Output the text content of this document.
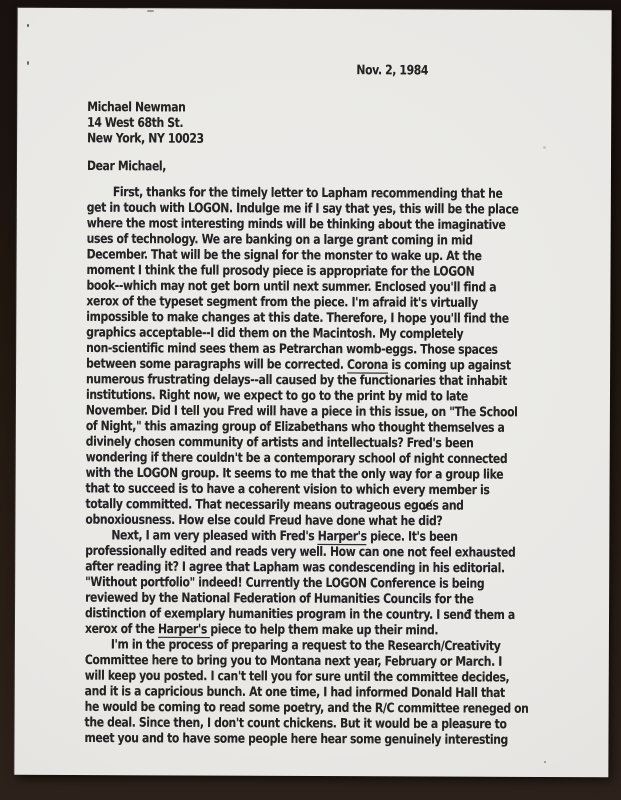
Nov. 2, 1984
Michael Newman
14 West 68th St.
New York, NY 10023
Dear Michael,
First, thanks for the timely letter to Lapham recommending that he
get in touch with LOGON. Indulge me if I say that yes, this will be the place
where the most interesting minds will be thinking about the imaginative
uses of technology. We are banking on a large grant coming in mid
December. That will be the signal for the monster to wake up. At the
moment I think the full prosody piece is appropriate for the LOGON
book--which may not get born until next summer. Enclosed you'll find a
xerox of the typeset segment from the piece. I'm afraid it's virtually
impossible to make changes at this date. Therefore, I hope you'll find the
graphics acceptable--I did them on the Macintosh. My completely
non-scientific mind sees them as Petrarchan womb-eggs. Those spaces
between some paragraphs will be corrected. Corona is coming up against
numerous frustrating delays--all caused by the functionaries that inhabit
institutions. Right now, we expect to go to the print by mid to late
November. Did I tell you Fred will have a piece in this issue, on "The School
of Night," this amazing group of Elizabethans who thought themselves a
divinely chosen community of artists and intellectuals? Fred's been
wondering if there couldn't be a contemporary school of night connected
with the LOGON group. It seems to me that the only way for a group like
that to succeed is to have a coherent vision to which every member is
totally committed. That necessarily means outrageous egoe̸s and
obnoxiousness. How else could Freud have done what he did?
Next, I am very pleased with Fred's Harper's piece. It's been
professionally edited and reads very well. How can one not feel exhausted
after reading it? I agree that Lapham was condescending in his editorial.
"Without portfolio" indeed! Currently the LOGON Conference is being
reviewed by the National Federation of Humanities Councils for the
distinction of exemplary humanities program in the country. I senđ them a
xerox of the Harper's piece to help them make up their mind.
I'm in the process of preparing a request to the Research/Creativity
Committee here to bring you to Montana next year, February or March. I
will keep you posted. I can't tell you for sure until the committee decides,
and it is a capricious bunch. At one time, I had informed Donald Hall that
he would be coming to read some poetry, and the R/C committee reneged on
the deal. Since then, I don't count chickens. But it would be a pleasure to
meet you and to have some people here hear some genuinely interesting
